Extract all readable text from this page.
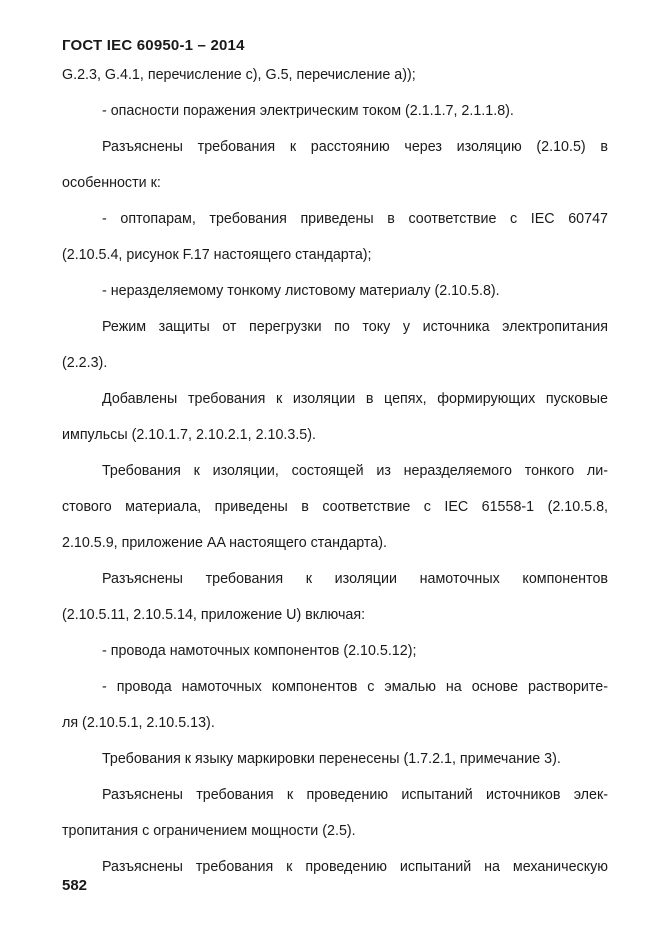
ГОСТ IEC 60950-1 – 2014
G.2.3, G.4.1, перечисление c), G.5, перечисление a));
- опасности поражения электрическим током (2.1.1.7, 2.1.1.8).
Разъяснены требования к расстоянию через изоляцию (2.10.5) в
особенности к:
- оптопарам, требования приведены в соответствие с IEC 60747
(2.10.5.4, рисунок F.17 настоящего стандарта);
- неразделяемому тонкому листовому материалу (2.10.5.8).
Режим защиты от перегрузки по току у источника электропитания
(2.2.3).
Добавлены требования к изоляции в цепях, формирующих пусковые
импульсы (2.10.1.7, 2.10.2.1, 2.10.3.5).
Требования к изоляции, состоящей из неразделяемого тонкого ли-
стового материала, приведены в соответствие с IEC 61558-1 (2.10.5.8,
2.10.5.9, приложение AA настоящего стандарта).
Разъяснены требования к изоляции намоточных компонентов
(2.10.5.11, 2.10.5.14, приложение U) включая:
- провода намоточных компонентов (2.10.5.12);
- провода намоточных компонентов с эмалью на основе растворите-
ля (2.10.5.1, 2.10.5.13).
Требования к языку маркировки перенесены (1.7.2.1, примечание 3).
Разъяснены требования к проведению испытаний источников элек-
тропитания с ограничением мощности (2.5).
Разъяснены требования к проведению испытаний на механическую
582
